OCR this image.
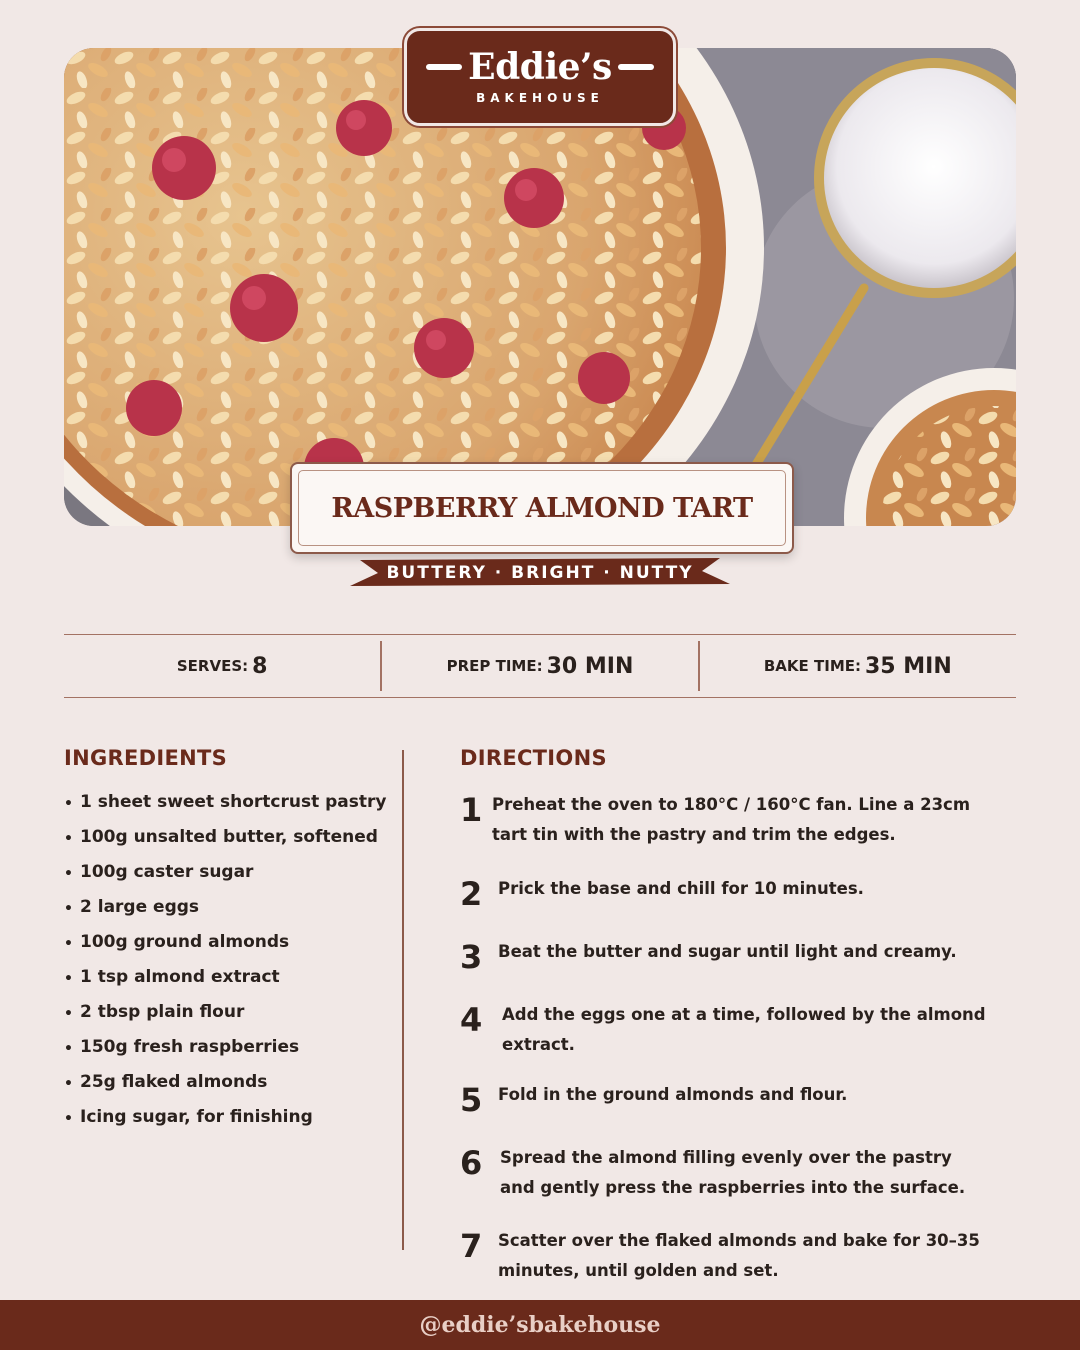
Eddie’s
BAKEHOUSE
RASPBERRY ALMOND TART
BUTTERY · BRIGHT · NUTTY
SERVES: 8	PREP TIME: 30 MIN	BAKE TIME: 35 MIN
INGREDIENTS
• 1 sheet sweet shortcrust pastry
• 100g unsalted butter, softened
• 100g caster sugar
• 2 large eggs
• 100g ground almonds
• 1 tsp almond extract
• 2 tbsp plain flour
• 150g fresh raspberries
• 25g flaked almonds
• Icing sugar, for finishing
DIRECTIONS
1 Preheat the oven to 180°C / 160°C fan. Line a 23cm tart tin with the pastry and trim the edges.
2 Prick the base and chill for 10 minutes.
3 Beat the butter and sugar until light and creamy.
4	Add the eggs one at a time, followed by the almond extract.
5 Fold in the ground almonds and flour.
6	Spread the almond filling evenly over the pastry and gently press the raspberries into the surface.
7 Scatter over the flaked almonds and bake for 30–35 minutes, until golden and set.
@eddie’sbakehouse
